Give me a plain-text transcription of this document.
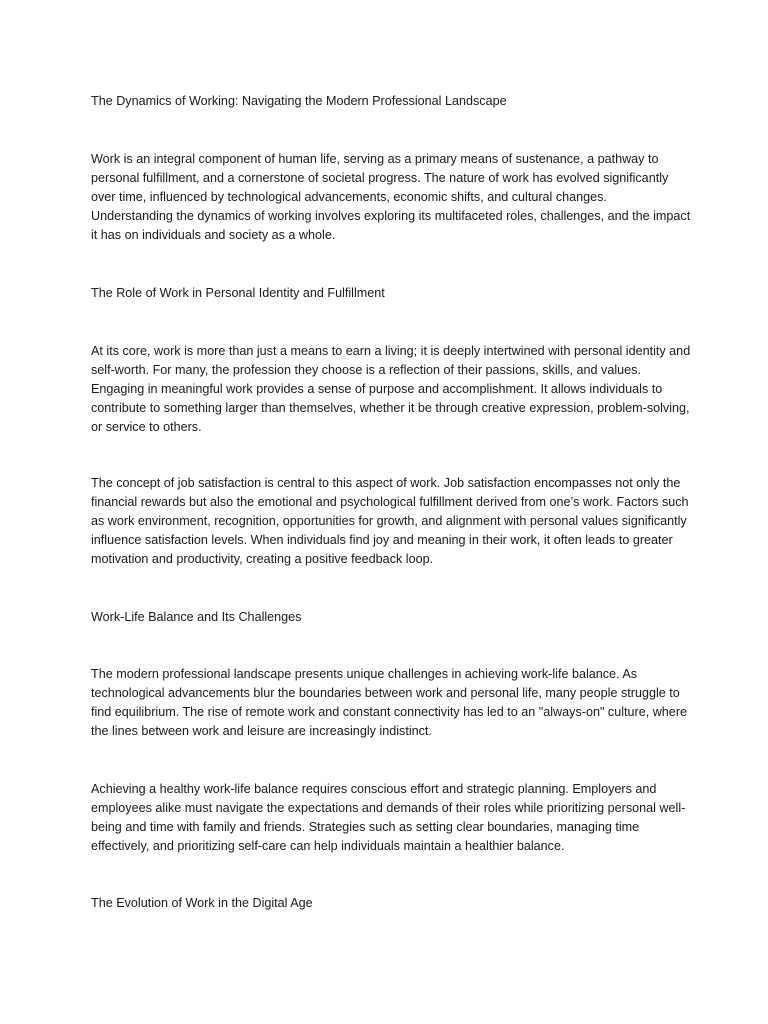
The Dynamics of Working: Navigating the Modern Professional Landscape

Work is an integral component of human life, serving as a primary means of sustenance, a pathway to personal fulfillment, and a cornerstone of societal progress. The nature of work has evolved significantly over time, influenced by technological advancements, economic shifts, and cultural changes. Understanding the dynamics of working involves exploring its multifaceted roles, challenges, and the impact it has on individuals and society as a whole.

The Role of Work in Personal Identity and Fulfillment

At its core, work is more than just a means to earn a living; it is deeply intertwined with personal identity and self-worth. For many, the profession they choose is a reflection of their passions, skills, and values. Engaging in meaningful work provides a sense of purpose and accomplishment. It allows individuals to contribute to something larger than themselves, whether it be through creative expression, problem-solving, or service to others.

The concept of job satisfaction is central to this aspect of work. Job satisfaction encompasses not only the financial rewards but also the emotional and psychological fulfillment derived from one’s work. Factors such as work environment, recognition, opportunities for growth, and alignment with personal values significantly influence satisfaction levels. When individuals find joy and meaning in their work, it often leads to greater motivation and productivity, creating a positive feedback loop.

Work-Life Balance and Its Challenges

The modern professional landscape presents unique challenges in achieving work-life balance. As technological advancements blur the boundaries between work and personal life, many people struggle to find equilibrium. The rise of remote work and constant connectivity has led to an "always-on" culture, where the lines between work and leisure are increasingly indistinct.

Achieving a healthy work-life balance requires conscious effort and strategic planning. Employers and employees alike must navigate the expectations and demands of their roles while prioritizing personal well-being and time with family and friends. Strategies such as setting clear boundaries, managing time effectively, and prioritizing self-care can help individuals maintain a healthier balance.

The Evolution of Work in the Digital Age
